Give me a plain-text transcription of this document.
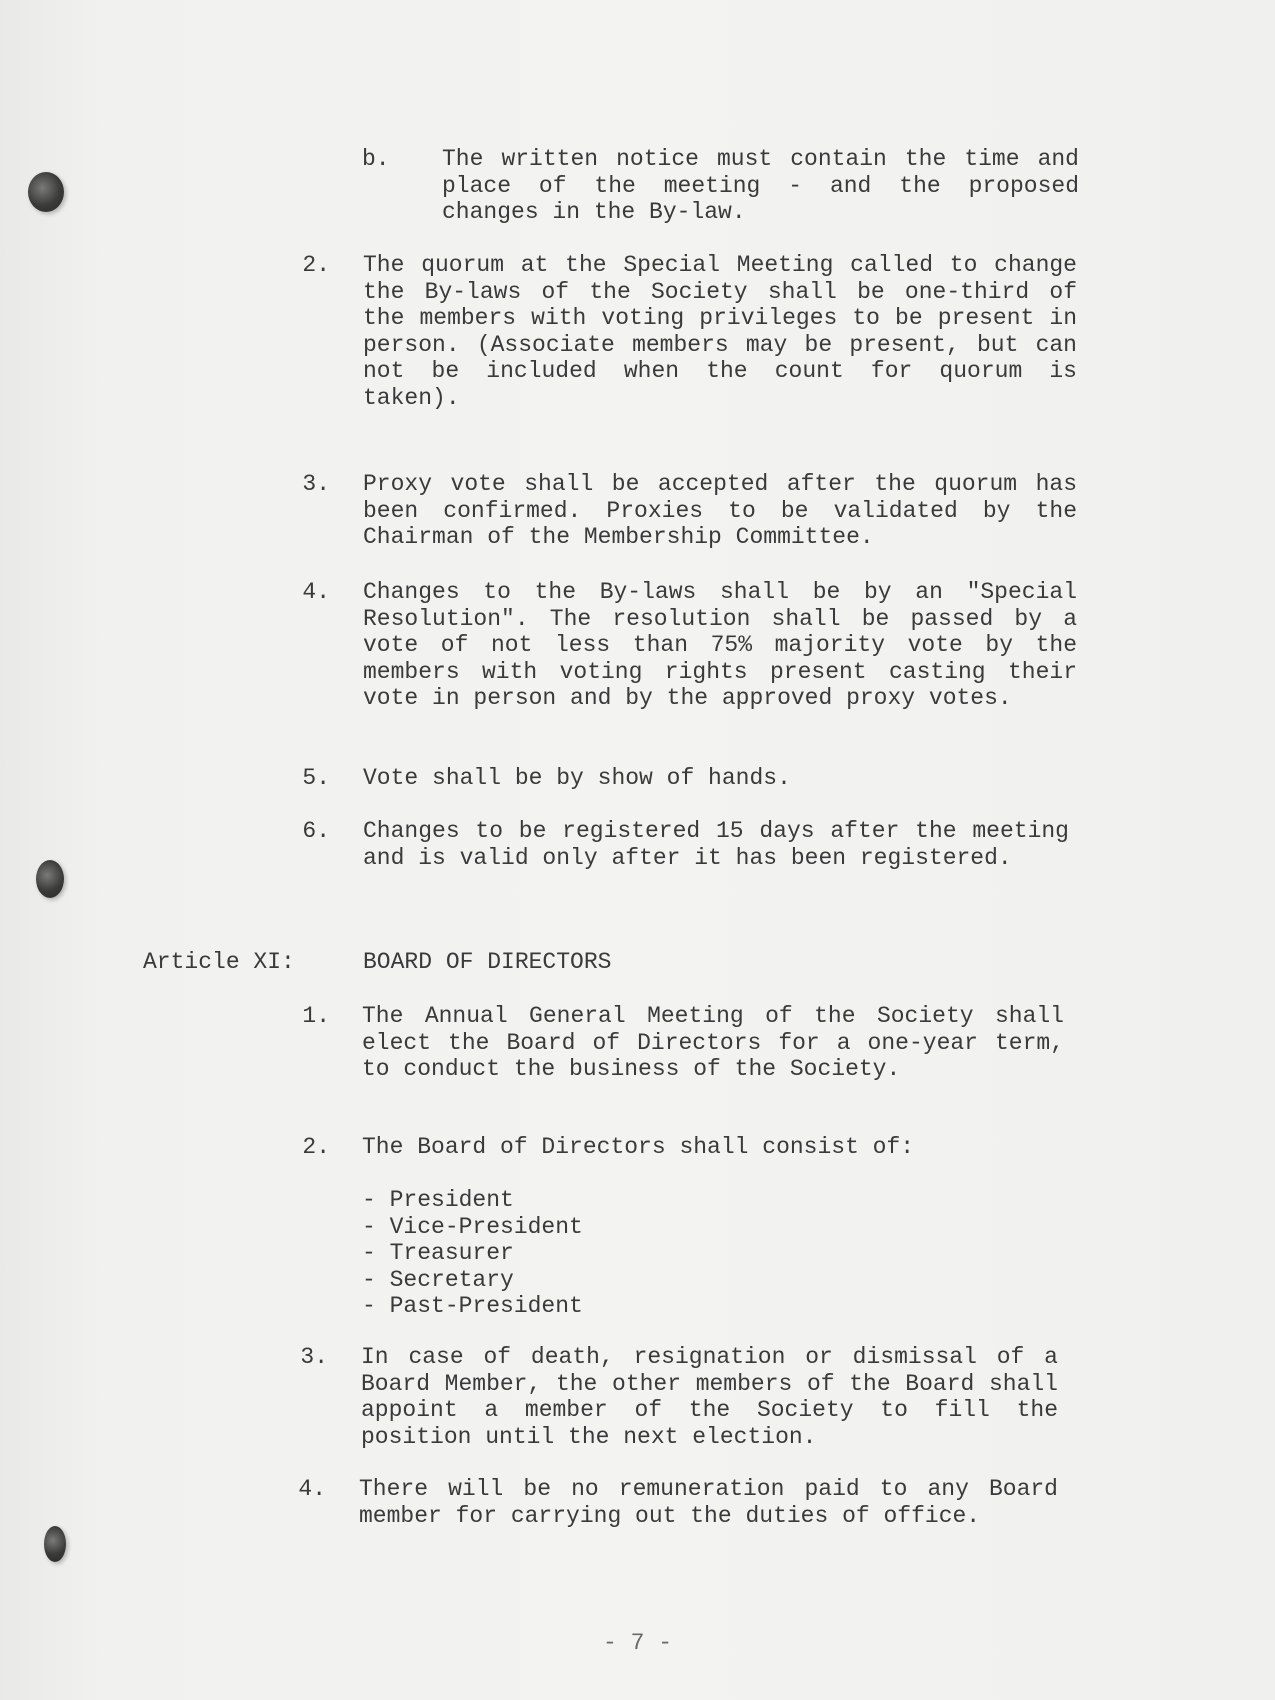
b. The written notice must contain the time and place of the meeting - and the proposed changes in the By-law.
2. The quorum at the Special Meeting called to change the By-laws of the Society shall be one-third of the members with voting privileges to be present in person. (Associate members may be present, but can not be included when the count for quorum is taken).
3. Proxy vote shall be accepted after the quorum has been confirmed. Proxies to be validated by the Chairman of the Membership Committee.
4. Changes to the By-laws shall be by an "Special Resolution". The resolution shall be passed by a vote of not less than 75% majority vote by the members with voting rights present casting their vote in person and by the approved proxy votes.
5. Vote shall be by show of hands.
6. Changes to be registered 15 days after the meeting and is valid only after it has been registered.
Article XI:	BOARD OF DIRECTORS
1. The Annual General Meeting of the Society shall elect the Board of Directors for a one-year term, to conduct the business of the Society.
2. The Board of Directors shall consist of:
- President
- Vice-President
- Treasurer
- Secretary
- Past-President
3. In case of death, resignation or dismissal of a Board Member, the other members of the Board shall appoint a member of the Society to fill the position until the next election.
4. There will be no remuneration paid to any Board member for carrying out the duties of office.
- 7 -
